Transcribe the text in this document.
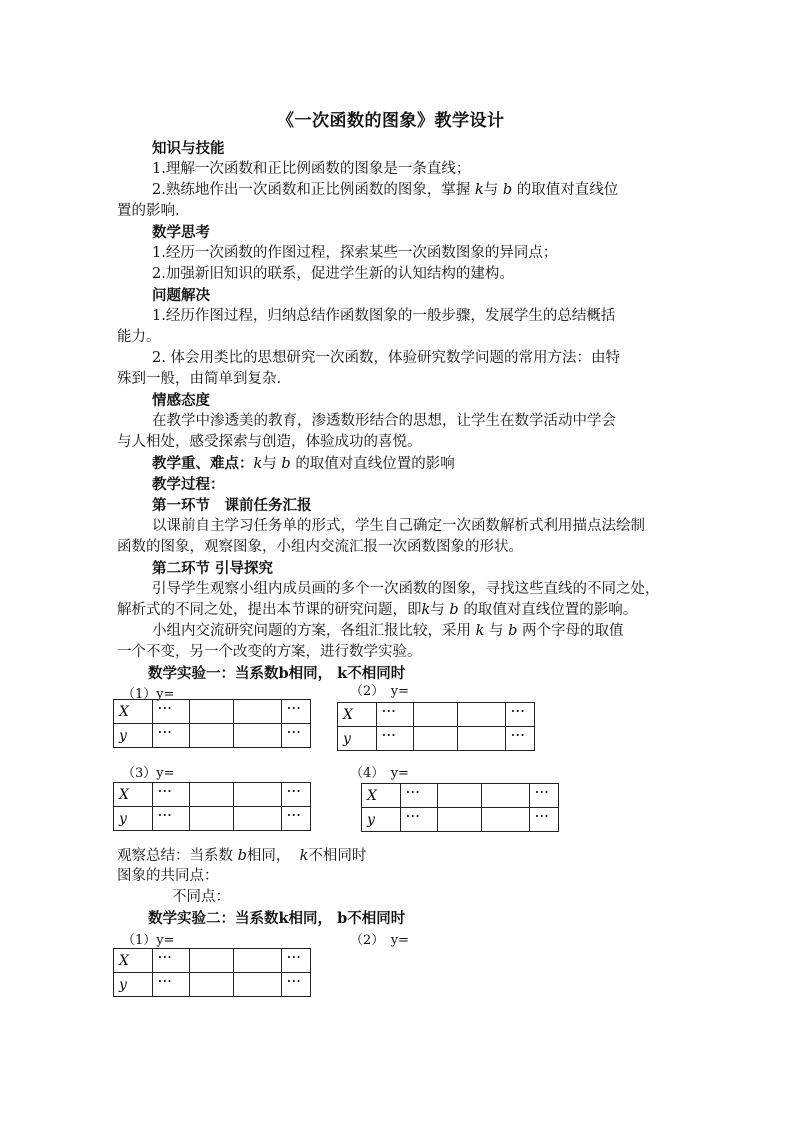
《一次函数的图象》教学设计
知识与技能
1.理解一次函数和正比例函数的图象是一条直线；
2.熟练地作出一次函数和正比例函数的图象，掌握 k与 b 的取值对直线位
置的影响.
数学思考
1.经历一次函数的作图过程，探索某些一次函数图象的异同点；
2.加强新旧知识的联系，促进学生新的认知结构的建构。
问题解决
1.经历作图过程，归纳总结作函数图象的一般步骤，发展学生的总结概括
能力。
2. 体会用类比的思想研究一次函数，体验研究数学问题的常用方法：由特
殊到一般，由简单到复杂.
情感态度
在教学中渗透美的教育，渗透数形结合的思想，让学生在数学活动中学会
与人相处，感受探索与创造，体验成功的喜悦。
教学重、难点：k与 b 的取值对直线位置的影响
教学过程：
第一环节　课前任务汇报
以课前自主学习任务单的形式，学生自己确定一次函数解析式利用描点法绘制
函数的图象，观察图象，小组内交流汇报一次函数图象的形状。
第二环节 引导探究
引导学生观察小组内成员画的多个一次函数的图象，寻找这些直线的不同之处，
解析式的不同之处，提出本节课的研究问题，即k与 b 的取值对直线位置的影响。
小组内交流研究问题的方案，各组汇报比较，采用 k 与 b 两个字母的取值
一个不变，另一个改变的方案，进行数学实验。
数学实验一：当系数b相同， k不相同时
（1）y=
X	···			···
y	···			···
（2）　y=
X	···			···
y	···			···
（3）y=
X	···			···
y	···			···
（4）　y=
X	···			···
y	···			···
观察总结：当系数 b相同， k不相同时
图象的共同点：
不同点：
数学实验二：当系数k相同， b不相同时
（1）y=
X	···			···
y	···			···
（2）　y=
